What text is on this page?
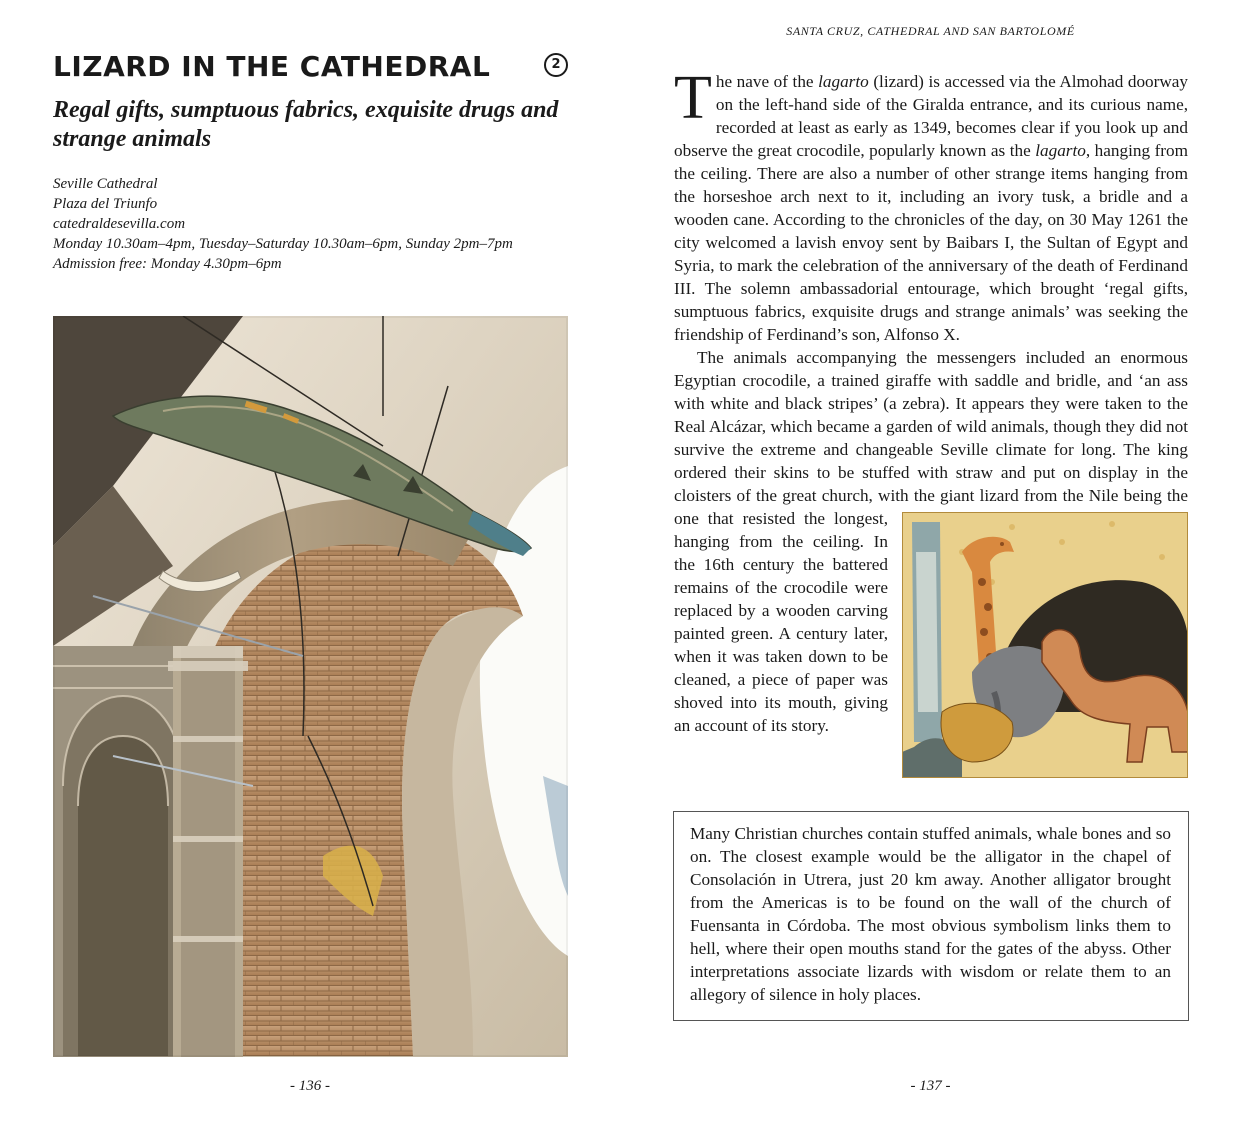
LIZARD IN THE CATHEDRAL	2
Regal gifts, sumptuous fabrics, exquisite drugs and strange animals
Seville Cathedral
Plaza del Triunfo
catedraldesevilla.com
Monday 10.30am–4pm, Tuesday–Saturday 10.30am–6pm, Sunday 2pm–7pm
Admission free: Monday 4.30pm–6pm
- 136 -
SANTA CRUZ, CATHEDRAL AND SAN BARTOLOMÉ

The nave of the lagarto (lizard) is accessed via the Almohad doorway on the left-hand side of the Giralda entrance, and its curious name, recorded at least as early as 1349, becomes clear if you look up and observe the great crocodile, popularly known as the lagarto, hanging from the ceiling. There are also a number of other strange items hanging from the horseshoe arch next to it, including an ivory tusk, a bridle and a wooden cane. According to the chronicles of the day, on 30 May 1261 the city welcomed a lavish envoy sent by Baibars I, the Sultan of Egypt and Syria, to mark the celebration of the anniversary of the death of Ferdinand III. The solemn ambassadorial entourage, which brought ‘regal gifts, sumptuous fabrics, exquisite drugs and strange animals’ was seeking the friendship of Ferdinand’s son, Alfonso X.

The animals accompanying the messengers included an enormous Egyptian crocodile, a trained giraffe with saddle and bridle, and ‘an ass with white and black stripes’ (a zebra). It appears they were taken to the Real Alcázar, which became a garden of wild animals, though they did not survive the extreme and changeable Seville climate for long. The king ordered their skins to be stuffed with straw and put on display in the cloisters of the great church, with the giant lizard from the Nile being the one that resisted the longest, hanging from the ceiling. In the 16th century the battered remains of the crocodile were replaced by a wooden carving painted green. A century later, when it was taken down to be cleaned, a piece of paper was shoved into its mouth, giving an account of its story.

Many Christian churches contain stuffed animals, whale bones and so on. The closest example would be the alligator in the chapel of Consolación in Utrera, just 20 km away. Another alligator brought from the Americas is to be found on the wall of the church of Fuensanta in Córdoba. The most obvious symbolism links them to hell, where their open mouths stand for the gates of the abyss. Other interpretations associate lizards with wisdom or relate them to an allegory of silence in holy places.

- 137 -
